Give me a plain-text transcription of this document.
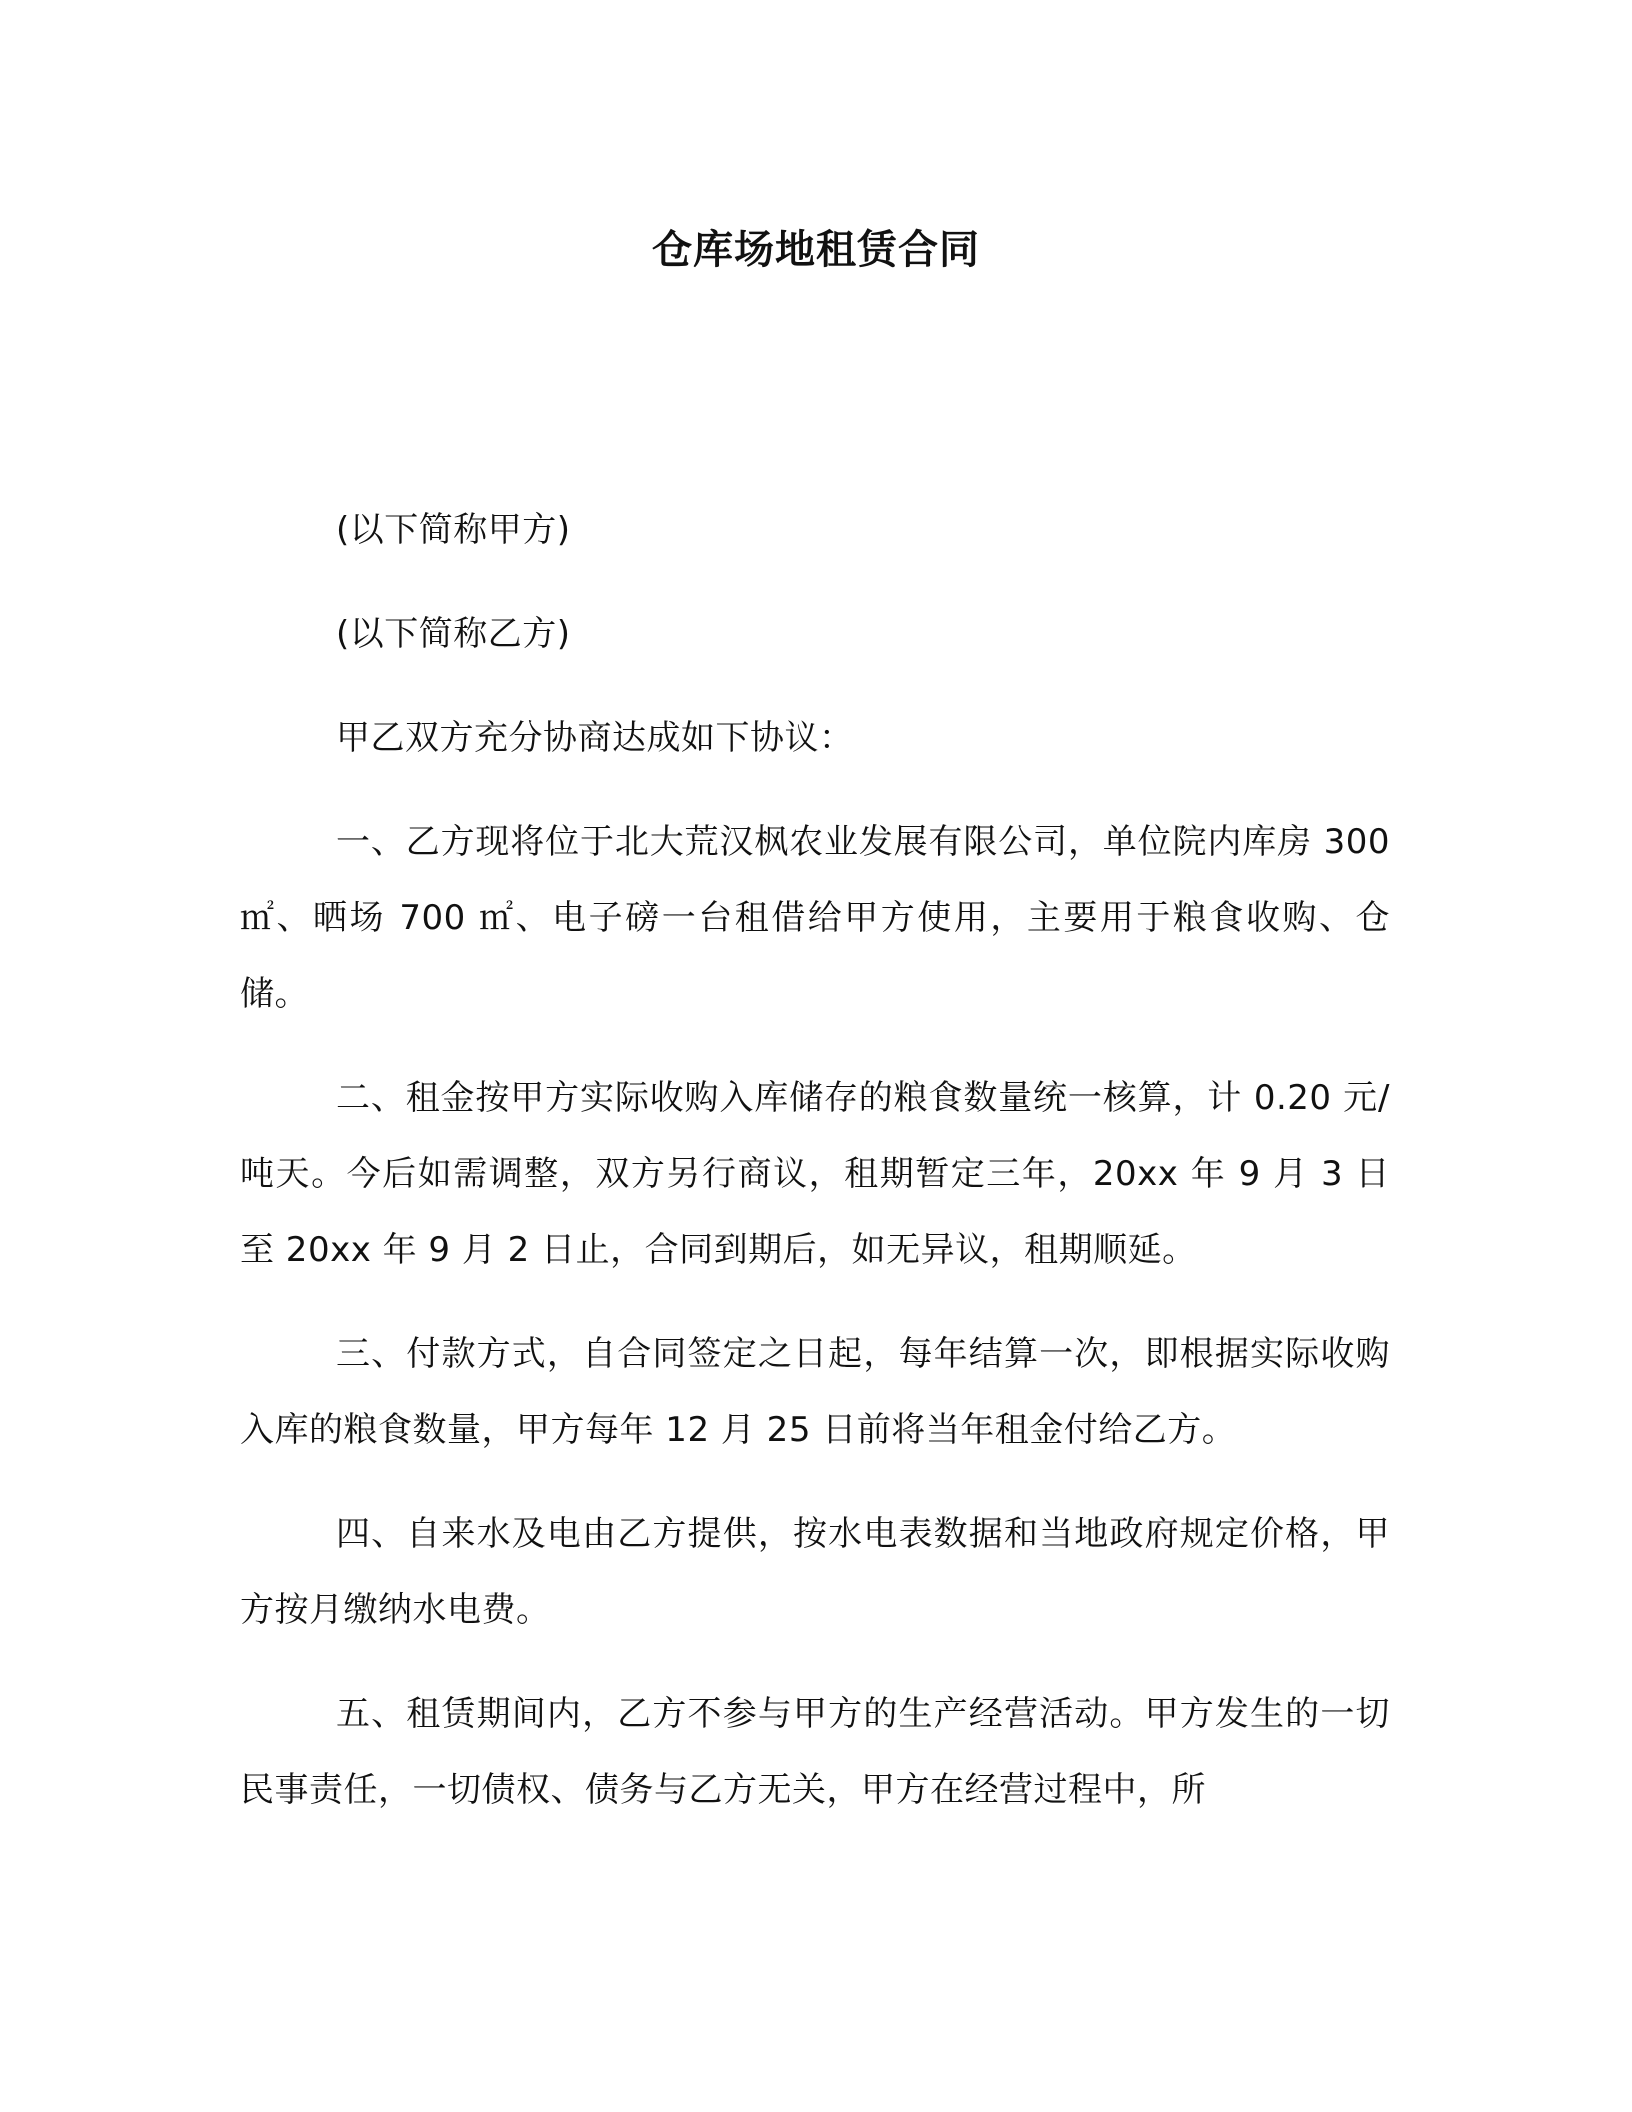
仓库场地租赁合同

(以下简称甲方)

(以下简称乙方)

甲乙双方充分协商达成如下协议：

一、乙方现将位于北大荒汉枫农业发展有限公司，单位院内库房 300 ㎡、晒场 700 ㎡、电子磅一台租借给甲方使用，主要用于粮食收购、仓储。

二、租金按甲方实际收购入库储存的粮食数量统一核算，计 0.20 元/吨天。今后如需调整，双方另行商议，租期暂定三年，20xx 年 9 月 3 日至 20xx 年 9 月 2 日止，合同到期后，如无异议，租期顺延。

三、付款方式，自合同签定之日起，每年结算一次，即根据实际收购入库的粮食数量，甲方每年 12 月 25 日前将当年租金付给乙方。

四、自来水及电由乙方提供，按水电表数据和当地政府规定价格，甲方按月缴纳水电费。

五、租赁期间内，乙方不参与甲方的生产经营活动。甲方发生的一切民事责任，一切债权、债务与乙方无关，甲方在经营过程中，所
